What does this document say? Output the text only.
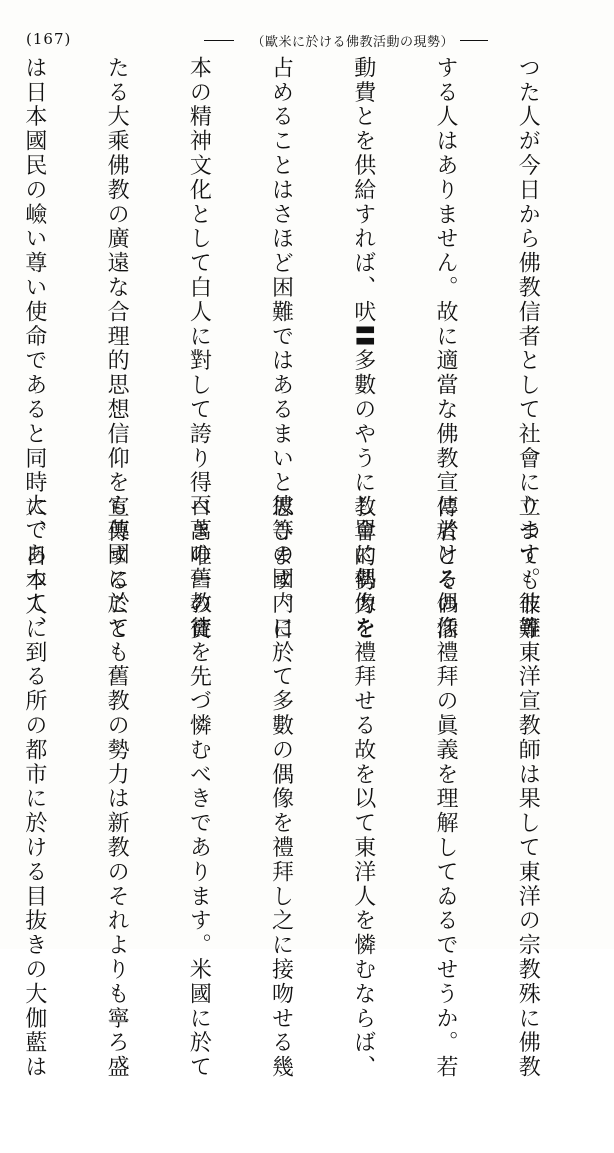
(167)	（歐米に於ける佛教活動の現勢）

つた人が今日から佛教信者として社會に立つても非難

する人はありません。故に適當な佛教宣傳者とその活

動費とを供給すれば、吠〓多數のやうに教會的勢力を

占めることはさほど困難ではあるまいと思ひます。日

本の精神文化として白人に對して誇り得べき唯一の寶

たる大乘佛教の廣遠な合理的思想信仰を宣傳すること

は日本國民の嶮い尊い使命であると同時に、日本人に

ります。彼等東洋宣教師は果して東洋の宗教殊に佛教

に於ける偶像禮拜の眞義を理解してゐるでせうか。若

し單に偶像を禮拜せる故を以て東洋人を憐むならば、

彼等の國内に於て多數の偶像を禮拜し之に接吻せる幾

百萬の舊教徒を先づ憐むべきであります。米國に於て

も英國に於ても舊教の勢力は新教のそれよりも寧ろ盛

大であつて、到る所の都市に於ける目抜きの大伽藍は
